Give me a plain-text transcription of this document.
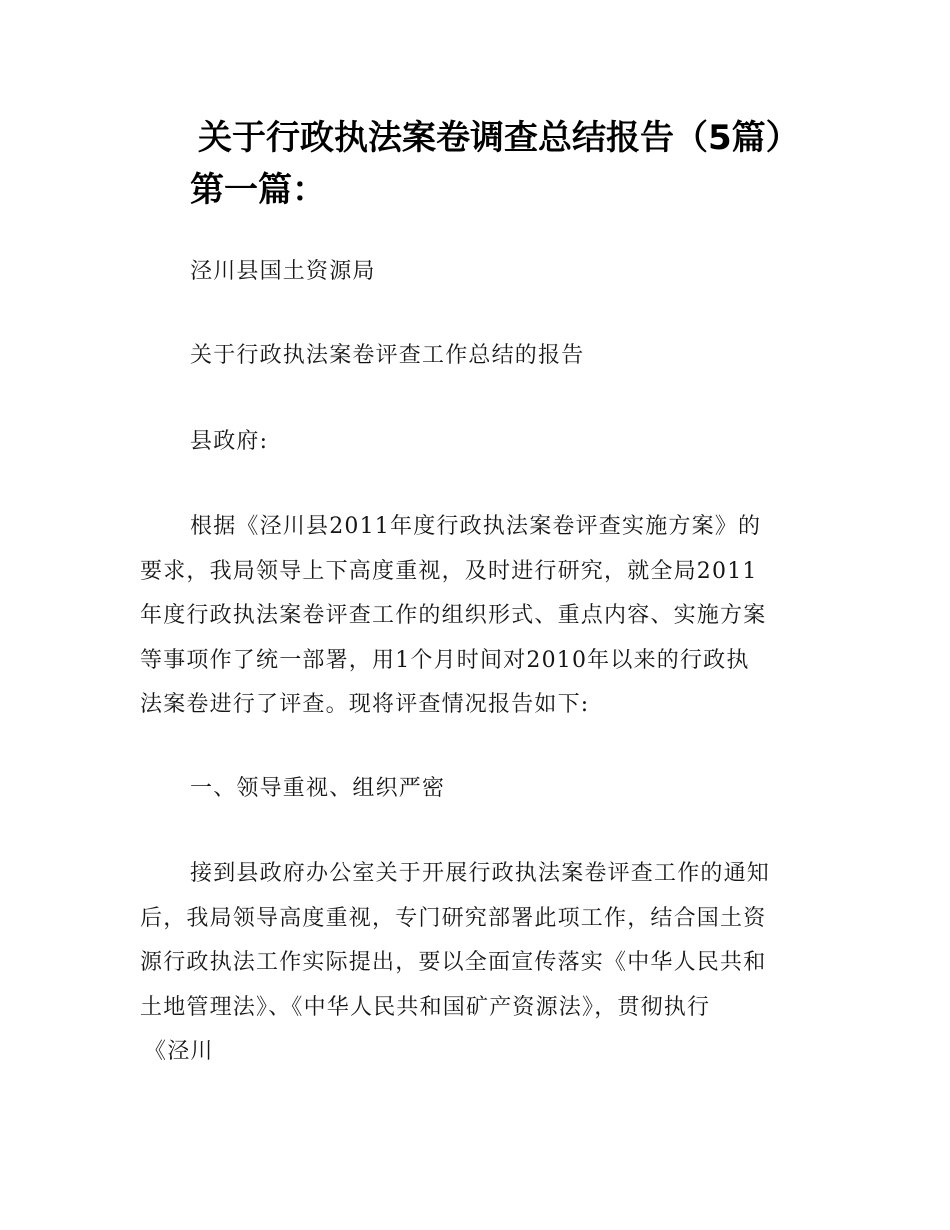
关于行政执法案卷调查总结报告（5篇）
第一篇：
泾川县国土资源局
关于行政执法案卷评查工作总结的报告
县政府:
根据《泾川县2011年度行政执法案卷评查实施方案》的
要求，我局领导上下高度重视，及时进行研究，就全局2011
年度行政执法案卷评查工作的组织形式、重点内容、实施方案
等事项作了统一部署，用1个月时间对2010年以来的行政执
法案卷进行了评查。现将评查情况报告如下:
一、领导重视、组织严密
接到县政府办公室关于开展行政执法案卷评查工作的通知
后，我局领导高度重视，专门研究部署此项工作，结合国土资
源行政执法工作实际提出，要以全面宣传落实《中华人民共和
土地管理法》、《中华人民共和国矿产资源法》，贯彻执行
《泾川
